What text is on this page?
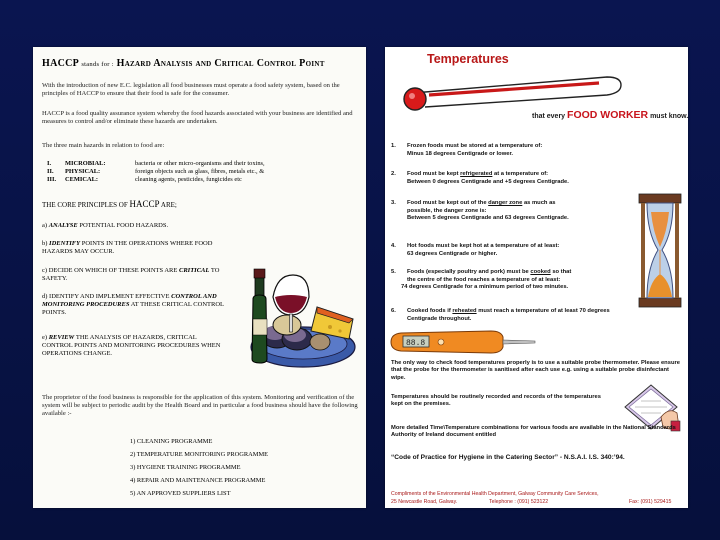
HACCP stands for : Hazard Analysis and Critical Control Point
With the introduction of new E.C. legislation all food businesses must operate a food safety system, based on the principles of HACCP to ensure that their food is safe for the consumer.
HACCP is a food quality assurance system whereby the food hazards associated with your business are identified and measures to control and/or eliminate these hazards are undertaken.
The three main hazards in relation to food are:
I. MICROBIAL:	bacteria or other micro-organisms and their toxins,
II. PHYSICAL:	foreign objects such as glass, fibres, metals etc., &
III. CEMICAL:	cleaning agents, pesticides, fungicides etc
THE CORE PRINCIPLES OF HACCP ARE;
a) ANALYSE POTENTIAL FOOD HAZARDS.
b) IDENTIFY POINTS IN THE OPERATIONS WHERE FOOD HAZARDS MAY OCCUR.
c) DECIDE ON WHICH OF THESE POINTS ARE CRITICAL TO SAFETY.
d) IDENTIFY AND IMPLEMENT EFFECTIVE CONTROL AND MONITORING PROCEDURES AT THESE CRITICAL CONTROL POINTS.
e) REVIEW THE ANALYSIS OF HAZARDS, CRITICAL CONTROL POINTS AND MONITORING PROCEDURES WHEN OPERATIONS CHANGE.
The proprietor of the food business is responsible for the application of this system. Monitoring and verification of the system will be subject to periodic audit by the Health Board and in particular a food business should have the following available :-
1) CLEANING PROGRAMME
2) TEMPERATURE MONITORING PROGRAMME
3) HYGIENE TRAINING PROGRAMME
4) REPAIR AND MAINTENANCE PROGRAMME
5) AN APPROVED SUPPLIERS LIST
Temperatures
that every FOOD WORKER must know.
1.	Frozen foods must be stored at a temperature of:
Minus 18 degrees Centigrade or lower.
2.	Food must be kept refrigerated at a temperature of:
Between 0 degrees Centigrade and +5 degrees Centigrade.
3.	Food must be kept out of the danger zone as much as
possible, the danger zone is:
Between 5 degrees Centigrade and 63 degrees Centigrade.
4.	Hot foods must be kept hot at a temperature of at least:
63 degrees Centigrade or higher.
5.	Foods (especially poultry and pork) must be cooked so that
the centre of the food reaches a temperature of at least:
74 degrees Centigrade for a minimum period of two minutes.
6.	Cooked foods if reheated must reach a temperature of at least 70 degrees
Centigrade throughout.
88.8
The only way to check food temperatures properly is to use a suitable probe thermometer. Please ensure that the probe for the thermometer is sanitised after each use e.g. using a suitable probe disinfectant wipe.
Temperatures should be routinely recorded and records of the temperatures kept on the premises.
More detailed Time\Temperature combinations for various foods are available in the National Standards Authority of Ireland document entitled
“Code of Practice for Hygiene in the Catering Sector” - N.S.A.I. I.S. 340:’94.
Compliments of the Environmental Health Department, Galway Community Care Services,
25 Newcastle Road, Galway.	Telephone : (091) 523122	Fax: (091) 529415
